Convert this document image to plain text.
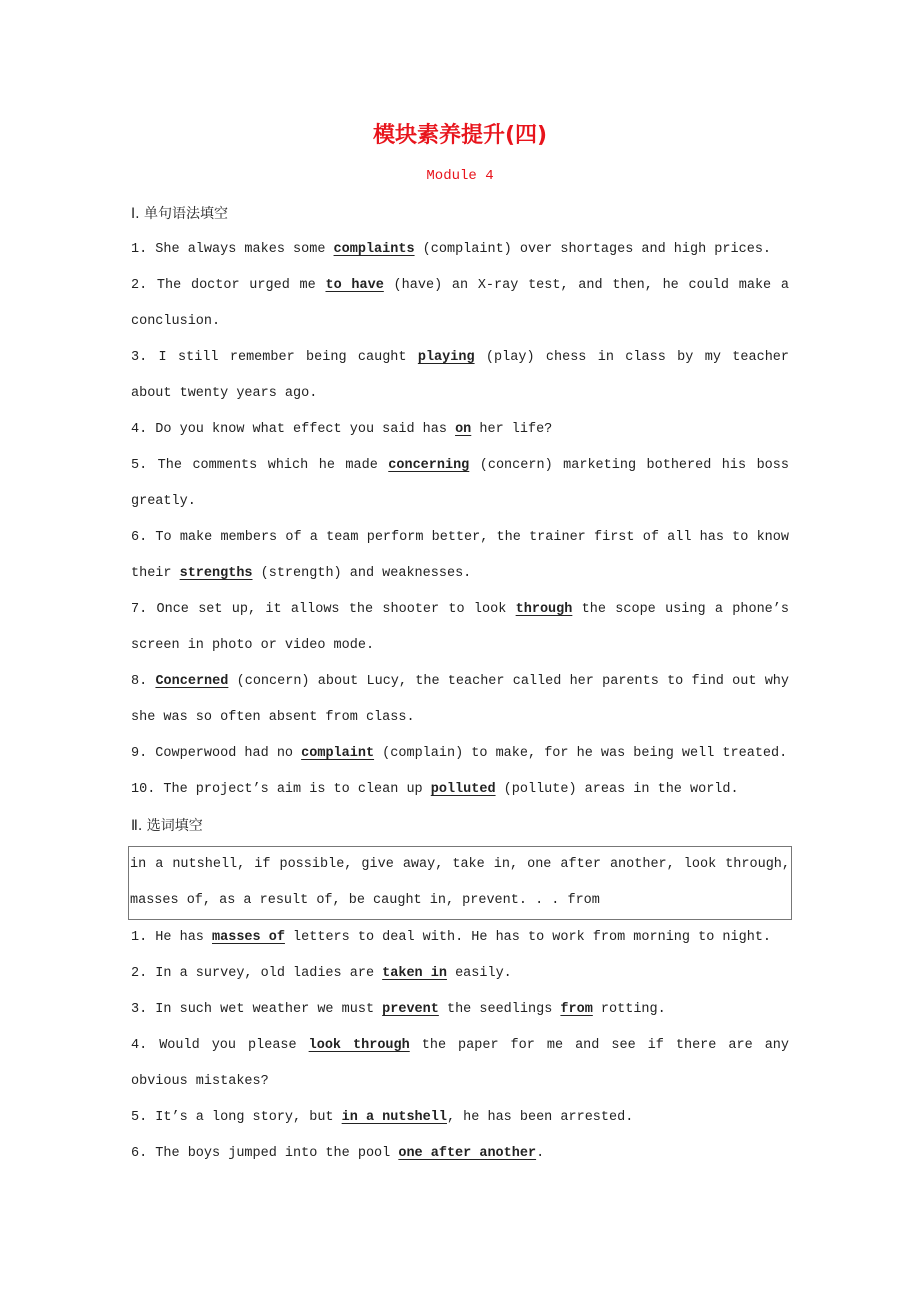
模块素养提升(四)
Module 4
Ⅰ. 单句语法填空
1. She always makes some complaints (complaint) over shortages and high prices.
2. The doctor urged me to have (have) an X-ray test, and then, he could make a conclusion.
3. I still remember being caught playing (play) chess in class by my teacher about twenty years ago.
4. Do you know what effect you said has on her life?
5. The comments which he made concerning (concern) marketing bothered his boss greatly.
6. To make members of a team perform better, the trainer first of all has to know their strengths (strength) and weaknesses.
7. Once set up, it allows the shooter to look through the scope using a phone’s screen in photo or video mode.
8. Concerned (concern) about Lucy, the teacher called her parents to find out why she was so often absent from class.
9. Cowperwood had no complaint (complain) to make, for he was being well treated.
10. The project’s aim is to clean up polluted (pollute) areas in the world.
Ⅱ. 选词填空
in a nutshell, if possible, give away, take in, one after another, look through, masses of, as a result of, be caught in, prevent. . . from
1. He has masses of letters to deal with. He has to work from morning to night.
2. In a survey, old ladies are taken in easily.
3. In such wet weather we must prevent the seedlings from rotting.
4. Would you please look through the paper for me and see if there are any obvious mistakes?
5. It’s a long story, but in a nutshell, he has been arrested.
6. The boys jumped into the pool one after another.
